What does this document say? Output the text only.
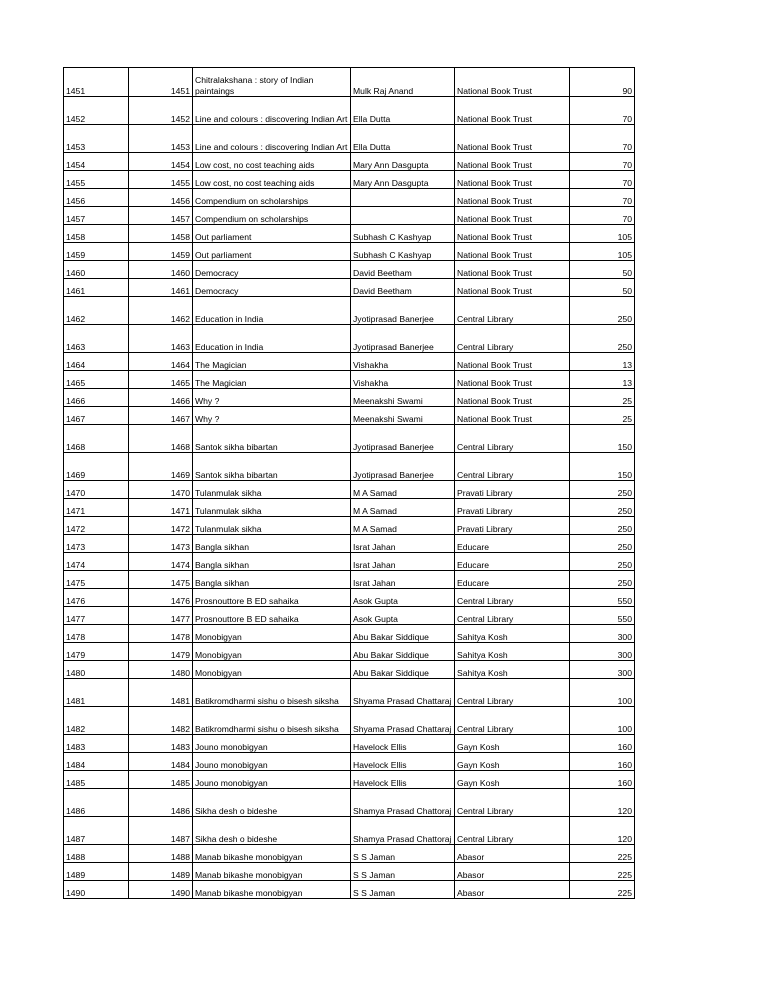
1451	1451	Chitralakshana : story of Indian paintaings	Mulk Raj Anand	National Book Trust	90
1452	1452	Line and colours : discovering Indian Art	Ella Dutta	National Book Trust	70
1453	1453	Line and colours : discovering Indian Art	Ella Dutta	National Book Trust	70
1454	1454	Low cost, no cost teaching aids	Mary Ann Dasgupta	National Book Trust	70
1455	1455	Low cost, no cost teaching aids	Mary Ann Dasgupta	National Book Trust	70
1456	1456	Compendium on scholarships		National Book Trust	70
1457	1457	Compendium on scholarships		National Book Trust	70
1458	1458	Out parliament	Subhash C Kashyap	National Book Trust	105
1459	1459	Out parliament	Subhash C Kashyap	National Book Trust	105
1460	1460	Democracy	David Beetham	National Book Trust	50
1461	1461	Democracy	David Beetham	National Book Trust	50
1462	1462	Education in India	Jyotiprasad Banerjee	Central Library	250
1463	1463	Education in India	Jyotiprasad Banerjee	Central Library	250
1464	1464	The Magician	Vishakha	National Book Trust	13
1465	1465	The Magician	Vishakha	National Book Trust	13
1466	1466	Why ?	Meenakshi Swami	National Book Trust	25
1467	1467	Why ?	Meenakshi Swami	National Book Trust	25
1468	1468	Santok sikha bibartan	Jyotiprasad Banerjee	Central Library	150
1469	1469	Santok sikha bibartan	Jyotiprasad Banerjee	Central Library	150
1470	1470	Tulanmulak sikha	M A Samad	Pravati Library	250
1471	1471	Tulanmulak sikha	M A Samad	Pravati Library	250
1472	1472	Tulanmulak sikha	M A Samad	Pravati Library	250
1473	1473	Bangla sikhan	Israt Jahan	Educare	250
1474	1474	Bangla sikhan	Israt Jahan	Educare	250
1475	1475	Bangla sikhan	Israt Jahan	Educare	250
1476	1476	Prosnouttore B ED sahaika	Asok Gupta	Central Library	550
1477	1477	Prosnouttore B ED sahaika	Asok Gupta	Central Library	550
1478	1478	Monobigyan	Abu Bakar Siddique	Sahitya Kosh	300
1479	1479	Monobigyan	Abu Bakar Siddique	Sahitya Kosh	300
1480	1480	Monobigyan	Abu Bakar Siddique	Sahitya Kosh	300
1481	1481	Batikromdharmi sishu o bisesh siksha	Shyama Prasad Chattaraj	Central Library	100
1482	1482	Batikromdharmi sishu o bisesh siksha	Shyama Prasad Chattaraj	Central Library	100
1483	1483	Jouno monobigyan	Havelock Ellis	Gayn Kosh	160
1484	1484	Jouno monobigyan	Havelock Ellis	Gayn Kosh	160
1485	1485	Jouno monobigyan	Havelock Ellis	Gayn Kosh	160
1486	1486	Sikha desh o bideshe	Shamya Prasad Chattoraj	Central Library	120
1487	1487	Sikha desh o bideshe	Shamya Prasad Chattoraj	Central Library	120
1488	1488	Manab bikashe monobigyan	S S Jaman	Abasor	225
1489	1489	Manab bikashe monobigyan	S S Jaman	Abasor	225
1490	1490	Manab bikashe monobigyan	S S Jaman	Abasor	225
